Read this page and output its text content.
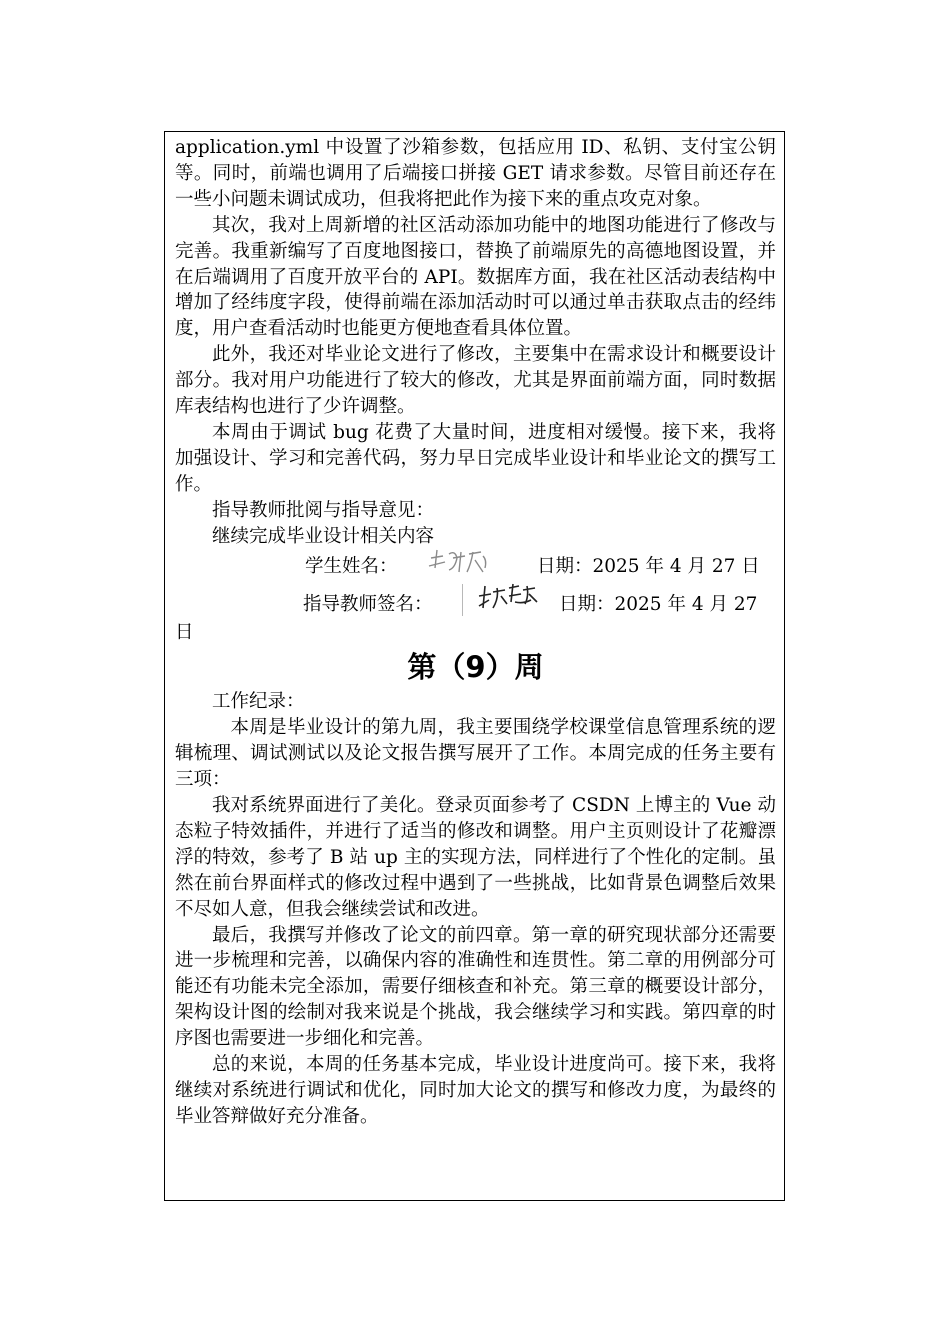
application.yml 中设置了沙箱参数，包括应用 ID、私钥、支付宝公钥等。同时，前端也调用了后端接口拼接 GET 请求参数。尽管目前还存在一些小问题未调试成功，但我将把此作为接下来的重点攻克对象。

其次，我对上周新增的社区活动添加功能中的地图功能进行了修改与完善。我重新编写了百度地图接口，替换了前端原先的高德地图设置，并在后端调用了百度开放平台的 API。数据库方面，我在社区活动表结构中增加了经纬度字段，使得前端在添加活动时可以通过单击获取点击的经纬度，用户查看活动时也能更方便地查看具体位置。

此外，我还对毕业论文进行了修改，主要集中在需求设计和概要设计部分。我对用户功能进行了较大的修改，尤其是界面前端方面，同时数据库表结构也进行了少许调整。

本周由于调试 bug 花费了大量时间，进度相对缓慢。接下来，我将加强设计、学习和完善代码，努力早日完成毕业设计和毕业论文的撰写工作。

指导教师批阅与指导意见：

继续完成毕业设计相关内容

学生姓名：	日期：2025 年 4 月 27 日
指导教师签名：	日期：2025 年 4 月 27

日

第（9）周

工作纪录：

本周是毕业设计的第九周，我主要围绕学校课堂信息管理系统的逻辑梳理、调试测试以及论文报告撰写展开了工作。本周完成的任务主要有三项：

我对系统界面进行了美化。登录页面参考了 CSDN 上博主的 Vue 动态粒子特效插件，并进行了适当的修改和调整。用户主页则设计了花瓣漂浮的特效，参考了 B 站 up 主的实现方法，同样进行了个性化的定制。虽然在前台界面样式的修改过程中遇到了一些挑战，比如背景色调整后效果不尽如人意，但我会继续尝试和改进。

最后，我撰写并修改了论文的前四章。第一章的研究现状部分还需要进一步梳理和完善，以确保内容的准确性和连贯性。第二章的用例部分可能还有功能未完全添加，需要仔细核查和补充。第三章的概要设计部分，架构设计图的绘制对我来说是个挑战，我会继续学习和实践。第四章的时序图也需要进一步细化和完善。

总的来说，本周的任务基本完成，毕业设计进度尚可。接下来，我将继续对系统进行调试和优化，同时加大论文的撰写和修改力度，为最终的毕业答辩做好充分准备。
